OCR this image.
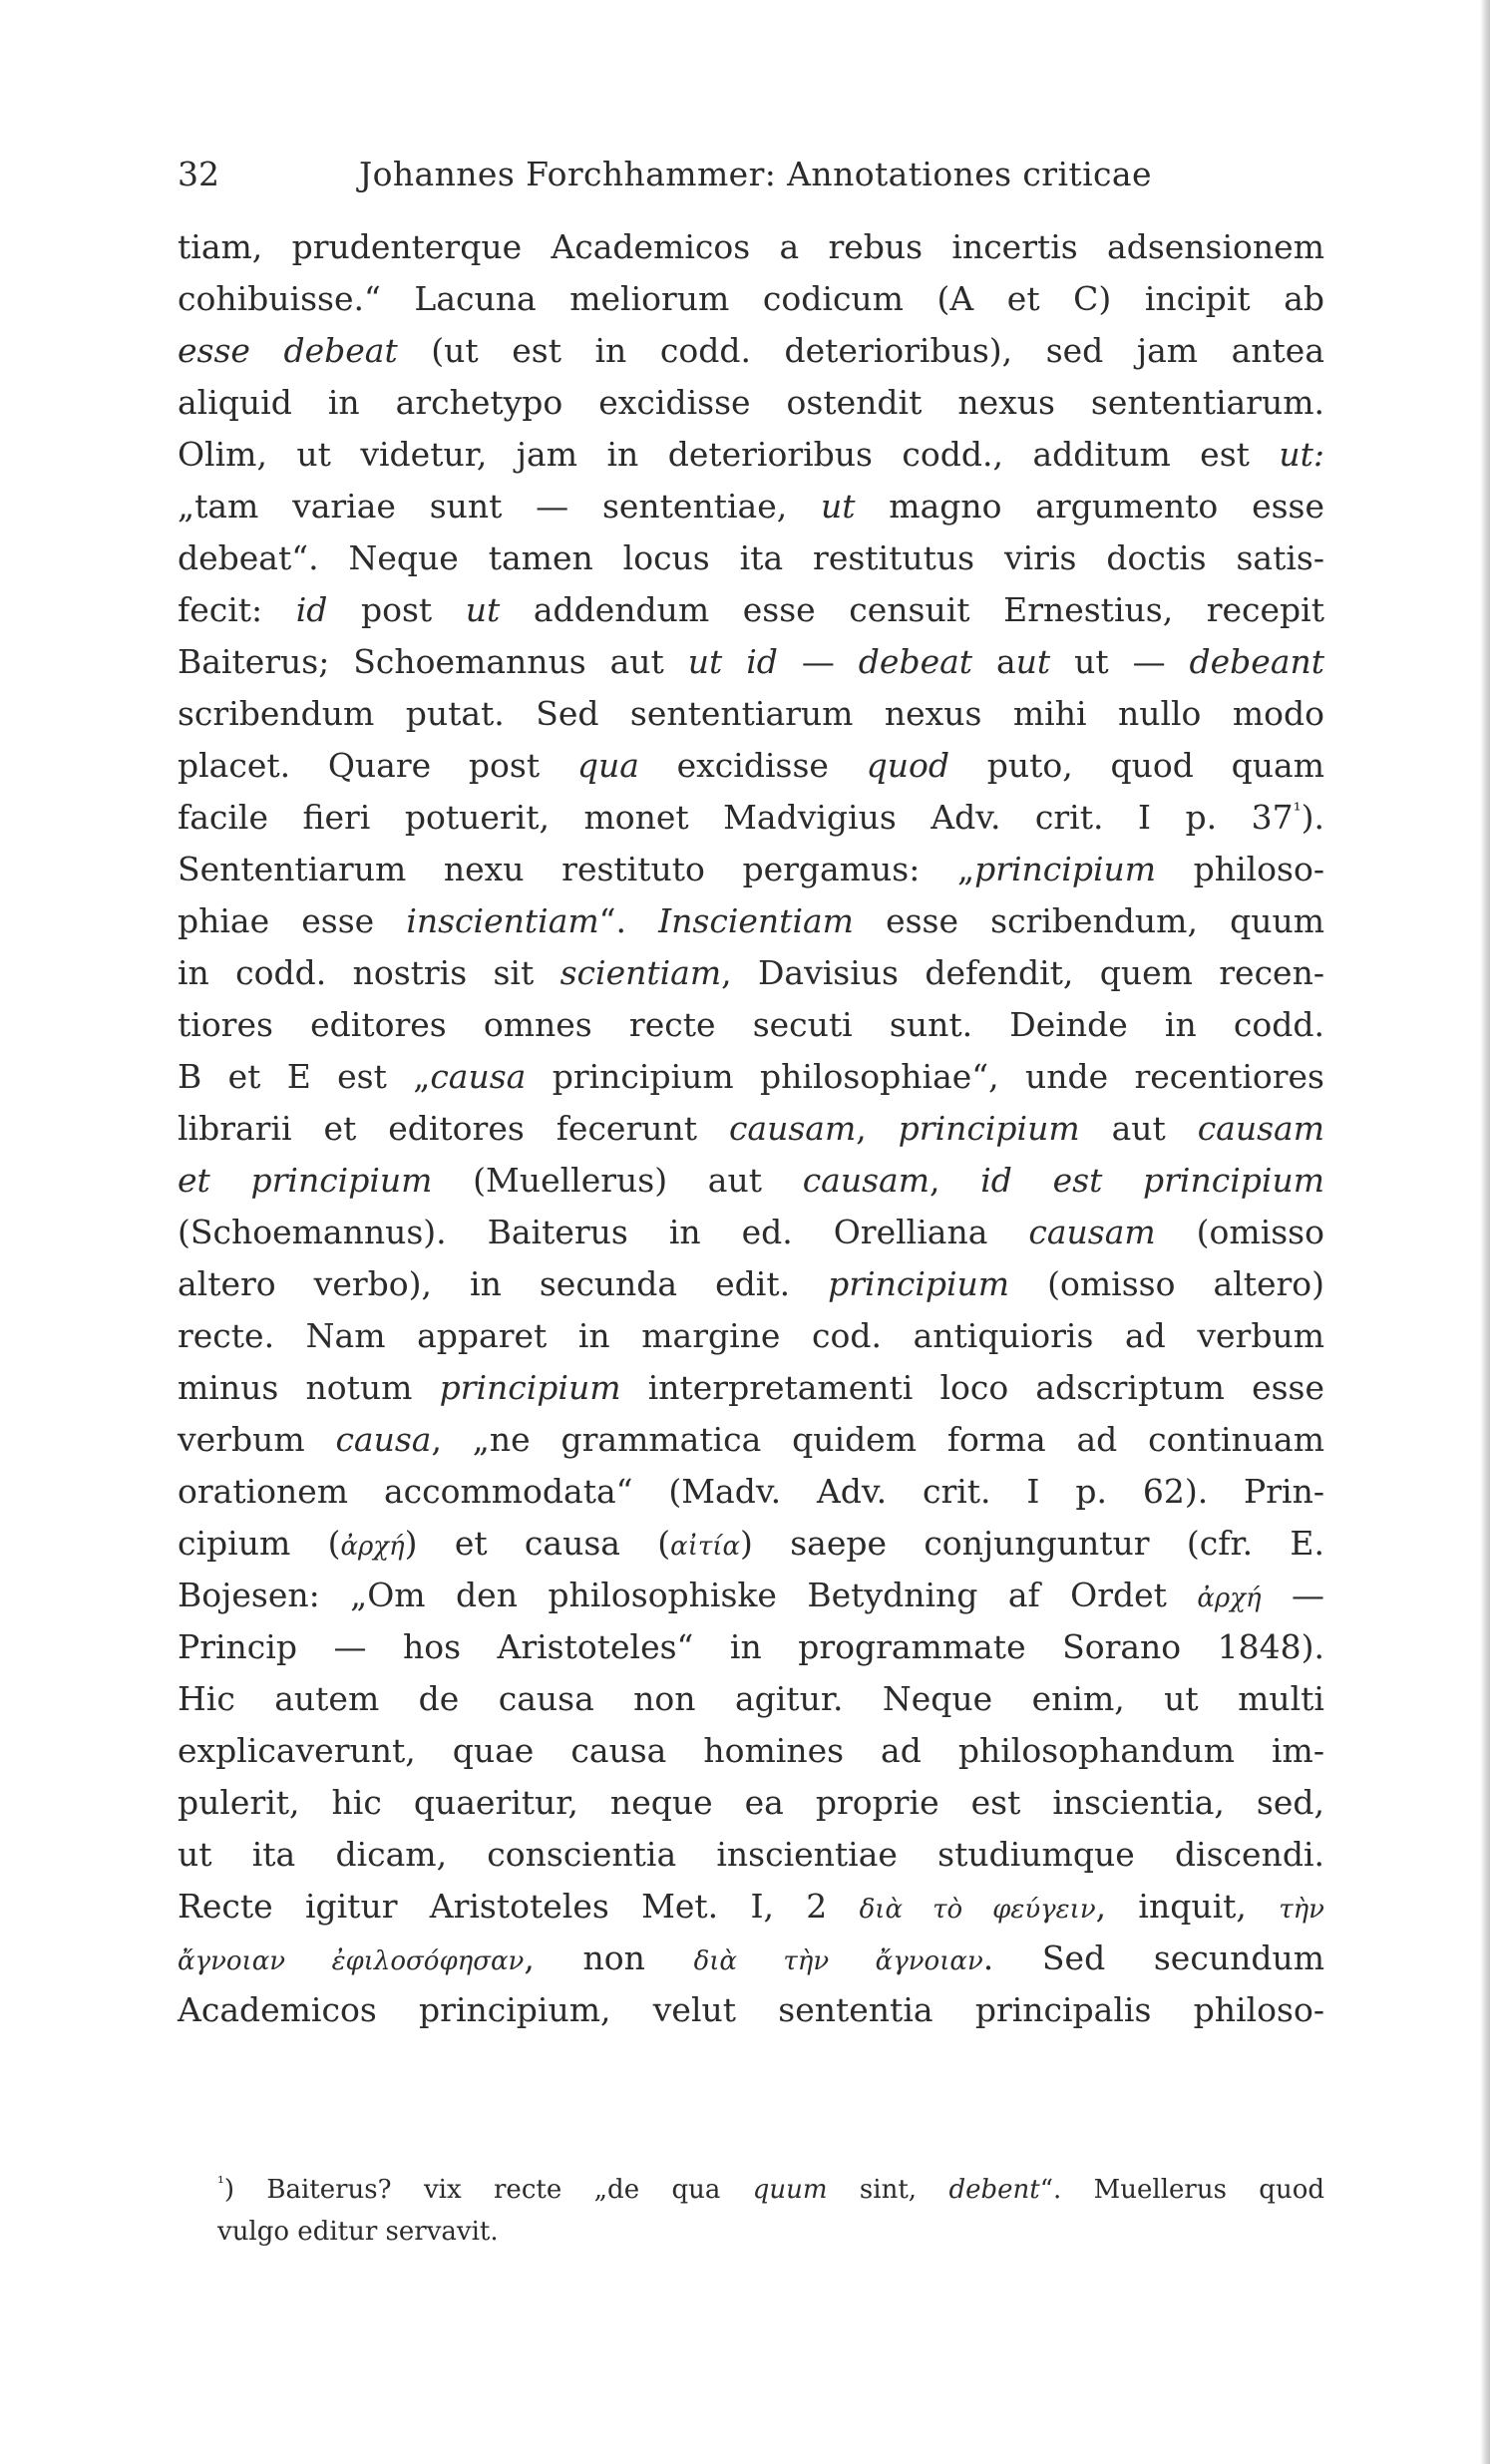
32	Johannes Forchhammer: Annotationes criticae
tiam, prudenterque Academicos a rebus incertis adsensionem
cohibuisse.“ Lacuna meliorum codicum (A et C) incipit ab
esse debeat (ut est in codd. deterioribus), sed jam antea
aliquid in archetypo excidisse ostendit nexus sententiarum.
Olim, ut videtur, jam in deterioribus codd., additum est ut:
„tam variae sunt — sententiae, ut magno argumento esse
debeat“. Neque tamen locus ita restitutus viris doctis satis-
fecit: id post ut addendum esse censuit Ernestius, recepit
Baiterus; Schoemannus aut ut id — debeat aut ut — debeant
scribendum putat. Sed sententiarum nexus mihi nullo modo
placet. Quare post qua excidisse quod puto, quod quam
facile fieri potuerit, monet Madvigius Adv. crit. I p. $37^{^1}$).
Sententiarum nexu restituto pergamus: „principium philoso-
phiae esse inscientiam“. Inscientiam esse scribendum, quum
in codd. nostris sit scientiam, Davisius defendit, quem recen-
tiores editores omnes recte secuti sunt. Deinde in codd.
B et E est „causa principium philosophiae“, unde recentiores
librarii et editores fecerunt causam, principium aut causam
et principium (Muellerus) aut causam, id est principium
(Schoemannus). Baiterus in ed. Orelliana causam (omisso
altero verbo), in secunda edit. principium (omisso altero)
recte. Nam apparet in margine cod. antiquioris ad verbum
minus notum principium interpretamenti loco adscriptum esse
verbum causa, „ne grammatica quidem forma ad continuam
orationem accommodata“ (Madv. Adv. crit. I p. 62). Prin-
cipium (ἀρχή) et causa (αἰτία) saepe conjunguntur (cfr. E.
Bojesen: „Om den philosophiske Betydning af Ordet ἀρχή —
Princip — hos Aristoteles“ in programmate Sorano 1848).
Hic autem de causa non agitur. Neque enim, ut multi
explicaverunt, quae causa homines ad philosophandum im-
pulerit, hic quaeritur, neque ea proprie est inscientia, sed,
ut ita dicam, conscientia inscientiae studiumque discendi.
Recte igitur Aristoteles Met. I, 2 διὰ τὸ φεύγειν, inquit, τὴν
ἄγνοιαν ἐφιλοσόφησαν, non διὰ τὴν ἄγνοιαν. Sed secundum
Academicos principium, velut sententia principalis philoso-
$^{^1}$) Baiterus? vix recte „de qua quum sint, debent“. Muellerus quod
vulgo editur servavit.
